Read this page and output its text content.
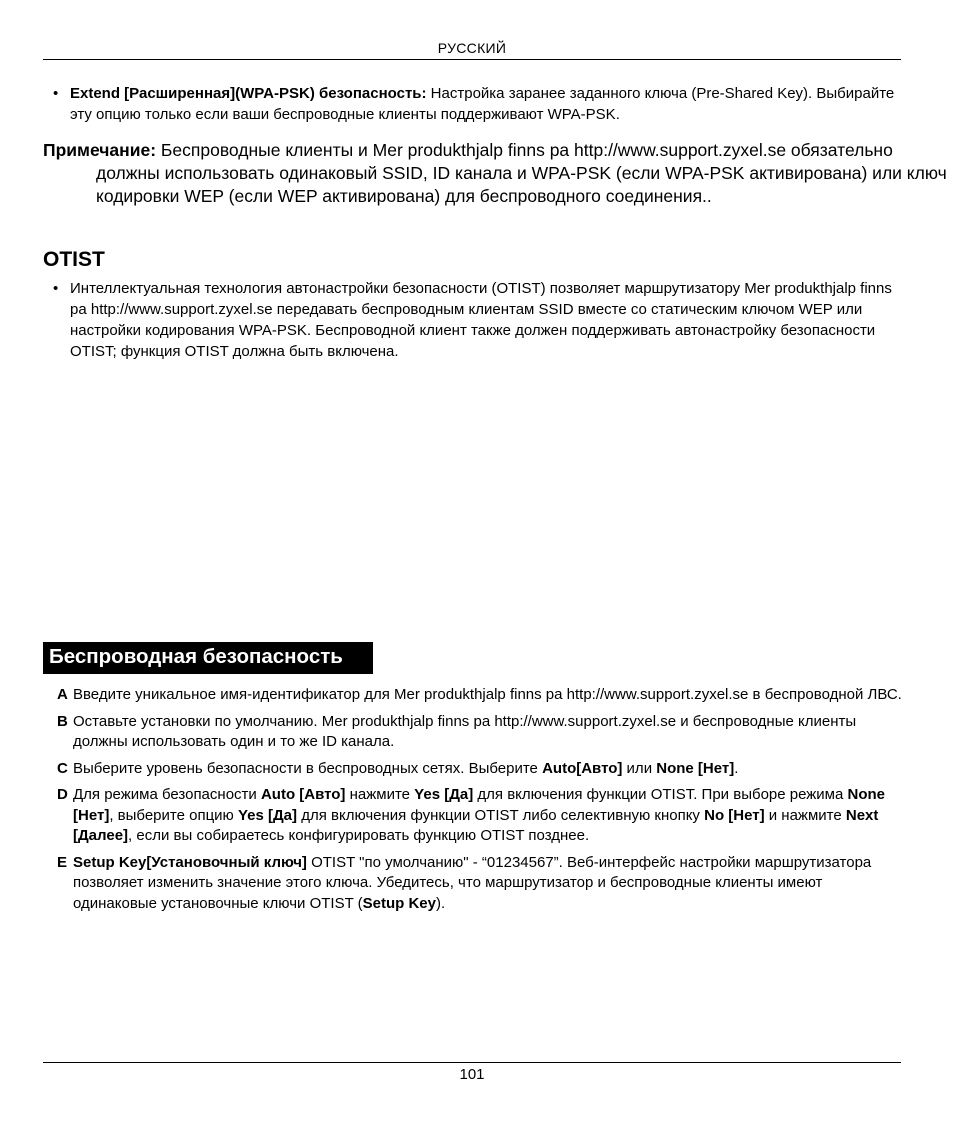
РУССКИЙ
• Extend [Расширенная](WPA-PSK) безопасность: Настройка заранее заданного ключа (Pre-Shared Key). Выбирайте эту опцию только если ваши беспроводные клиенты поддерживают WPA-PSK.
Примечание: Беспроводные клиенты и Mer produkthjalp finns pa http://www.support.zyxel.se обязательно должны использовать одинаковый SSID, ID канала и WPA-PSK (если WPA-PSK активирована) или ключ кодировки WEP (если WEP активирована) для беспроводного соединения..
OTIST
• Интеллектуальная технология автонастройки безопасности (OTIST) позволяет маршрутизатору Mer produkthjalp finns pa http://www.support.zyxel.se передавать беспроводным клиентам SSID вместе со статическим ключом WEP или настройки кодирования WPA-PSK. Беспроводной клиент также должен поддерживать автонастройку безопасности OTIST; функция OTIST должна быть включена.
Беспроводная безопасность

A Введите уникальное имя-идентификатор для Mer produkthjalp finns pa http://www.support.zyxel.se в беспроводной ЛВС.

B Оставьте установки по умолчанию. Mer produkthjalp finns pa http://www.support.zyxel.se и беспроводные клиенты должны использовать один и то же ID канала.

C Выберите уровень безопасности в беспроводных сетях. Выберите Auto[Авто] или None [Нет].

D Для режима безопасности Auto [Авто] нажмите Yes [Да] для включения функции OTIST. При выборе режима None [Нет], выберите опцию Yes [Да] для включения функции OTIST либо селективную кнопку No [Нет] и нажмите Next [Далее], если вы собираетесь конфигурировать функцию OTIST позднее.

E Setup Key[Установочный ключ] OTIST "по умолчанию" - “01234567”. Веб-интерфейс настройки маршрутизатора позволяет изменить значение этого ключа. Убедитесь, что маршрутизатор и беспроводные клиенты имеют одинаковые установочные ключи OTIST (Setup Key).

101
